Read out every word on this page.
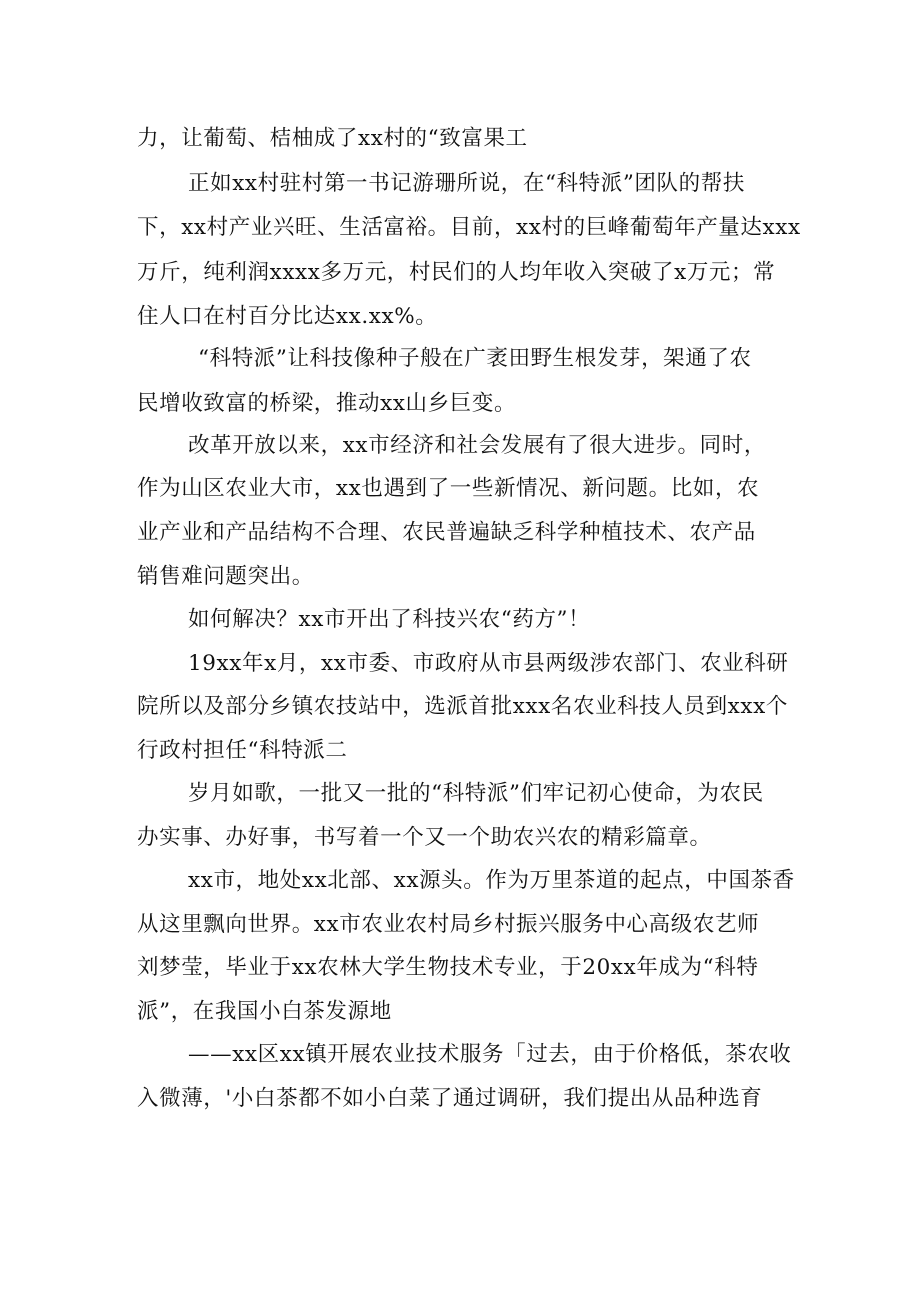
力，让葡萄、桔柚成了xx村的“致富果工
正如xx村驻村第一书记游珊所说，在“科特派”团队的帮扶
下，xx村产业兴旺、生活富裕。目前，xx村的巨峰葡萄年产量达xxx
万斤，纯利润xxxx多万元，村民们的人均年收入突破了x万元；常
住人口在村百分比达xx.xx%。
“科特派”让科技像种子般在广袤田野生根发芽，架通了农
民增收致富的桥梁，推动xx山乡巨变。
改革开放以来，xx市经济和社会发展有了很大进步。同时，
作为山区农业大市，xx也遇到了一些新情况、新问题。比如，农
业产业和产品结构不合理、农民普遍缺乏科学种植技术、农产品
销售难问题突出。
如何解决？xx市开出了科技兴农“药方”！
19xx年x月，xx市委、市政府从市县两级涉农部门、农业科研
院所以及部分乡镇农技站中，选派首批xxx名农业科技人员到xxx个
行政村担任“科特派二
岁月如歌，一批又一批的“科特派”们牢记初心使命，为农民
办实事、办好事，书写着一个又一个助农兴农的精彩篇章。
xx市，地处xx北部、xx源头。作为万里茶道的起点，中国茶香
从这里飘向世界。xx市农业农村局乡村振兴服务中心高级农艺师
刘梦莹，毕业于xx农林大学生物技术专业，于20xx年成为“科特
派”，在我国小白茶发源地
——xx区xx镇开展农业技术服务「过去，由于价格低，茶农收
入微薄，'小白茶都不如小白菜了通过调研，我们提出从品种选育
